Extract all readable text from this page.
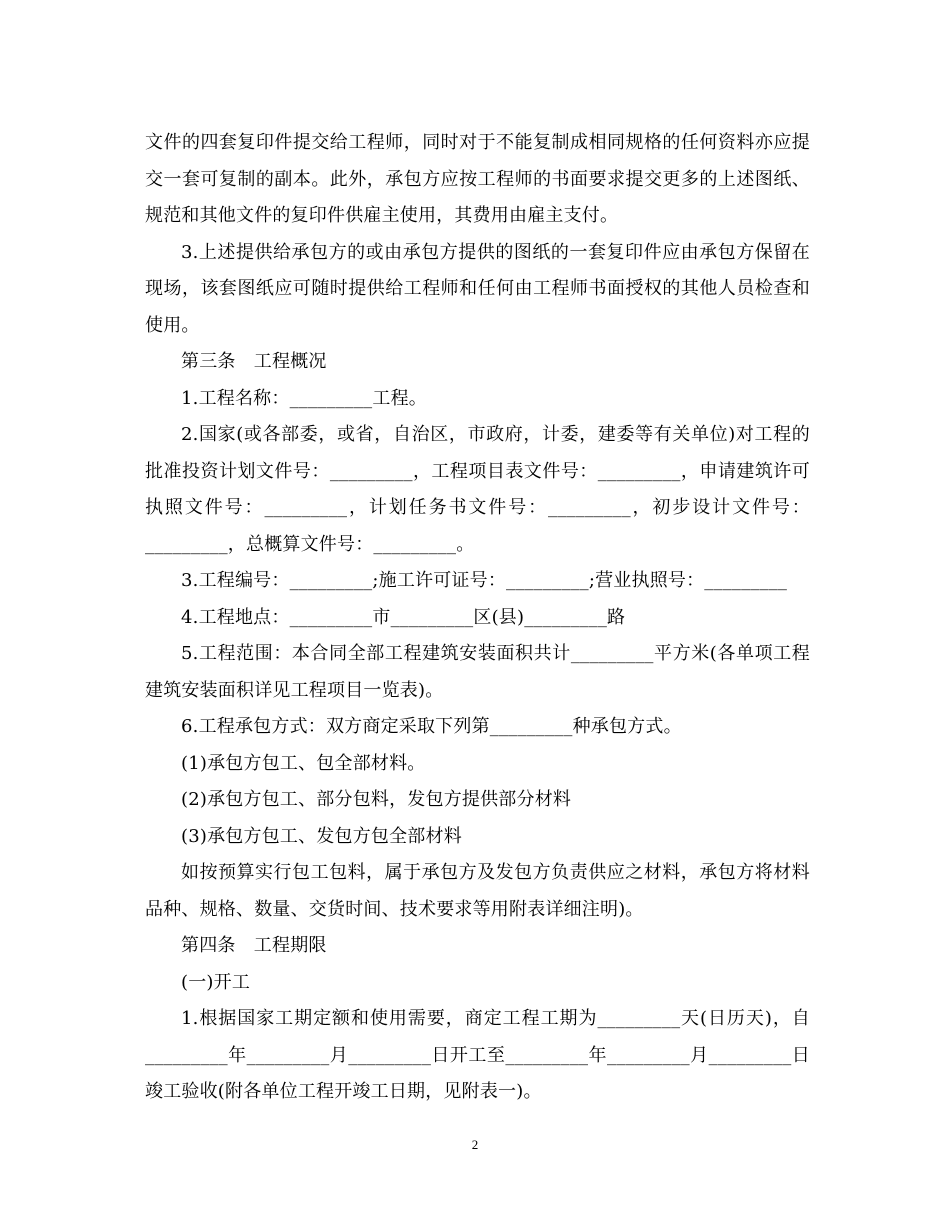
文件的四套复印件提交给工程师，同时对于不能复制成相同规格的任何资料亦应提交一套可复制的副本。此外，承包方应按工程师的书面要求提交更多的上述图纸、规范和其他文件的复印件供雇主使用，其费用由雇主支付。

3.上述提供给承包方的或由承包方提供的图纸的一套复印件应由承包方保留在现场，该套图纸应可随时提供给工程师和任何由工程师书面授权的其他人员检查和使用。

第三条　工程概况

1.工程名称：_________工程。

2.国家(或各部委，或省，自治区，市政府，计委，建委等有关单位)对工程的批准投资计划文件号：_________，工程项目表文件号：_________，申请建筑许可执照文件号：_________，计划任务书文件号：_________，初步设计文件号：_________，总概算文件号：_________。

3.工程编号：_________;施工许可证号：_________;营业执照号：_________

4.工程地点：_________市_________区(县)_________路

5.工程范围：本合同全部工程建筑安装面积共计_________平方米(各单项工程建筑安装面积详见工程项目一览表)。

6.工程承包方式：双方商定采取下列第_________种承包方式。

(1)承包方包工、包全部材料。

(2)承包方包工、部分包料，发包方提供部分材料

(3)承包方包工、发包方包全部材料

如按预算实行包工包料，属于承包方及发包方负责供应之材料，承包方将材料品种、规格、数量、交货时间、技术要求等用附表详细注明)。

第四条　工程期限

(一)开工

1.根据国家工期定额和使用需要，商定工程工期为_________天(日历天)，自_________年_________月_________日开工至_________年_________月_________日竣工验收(附各单位工程开竣工日期，见附表一)。

2
